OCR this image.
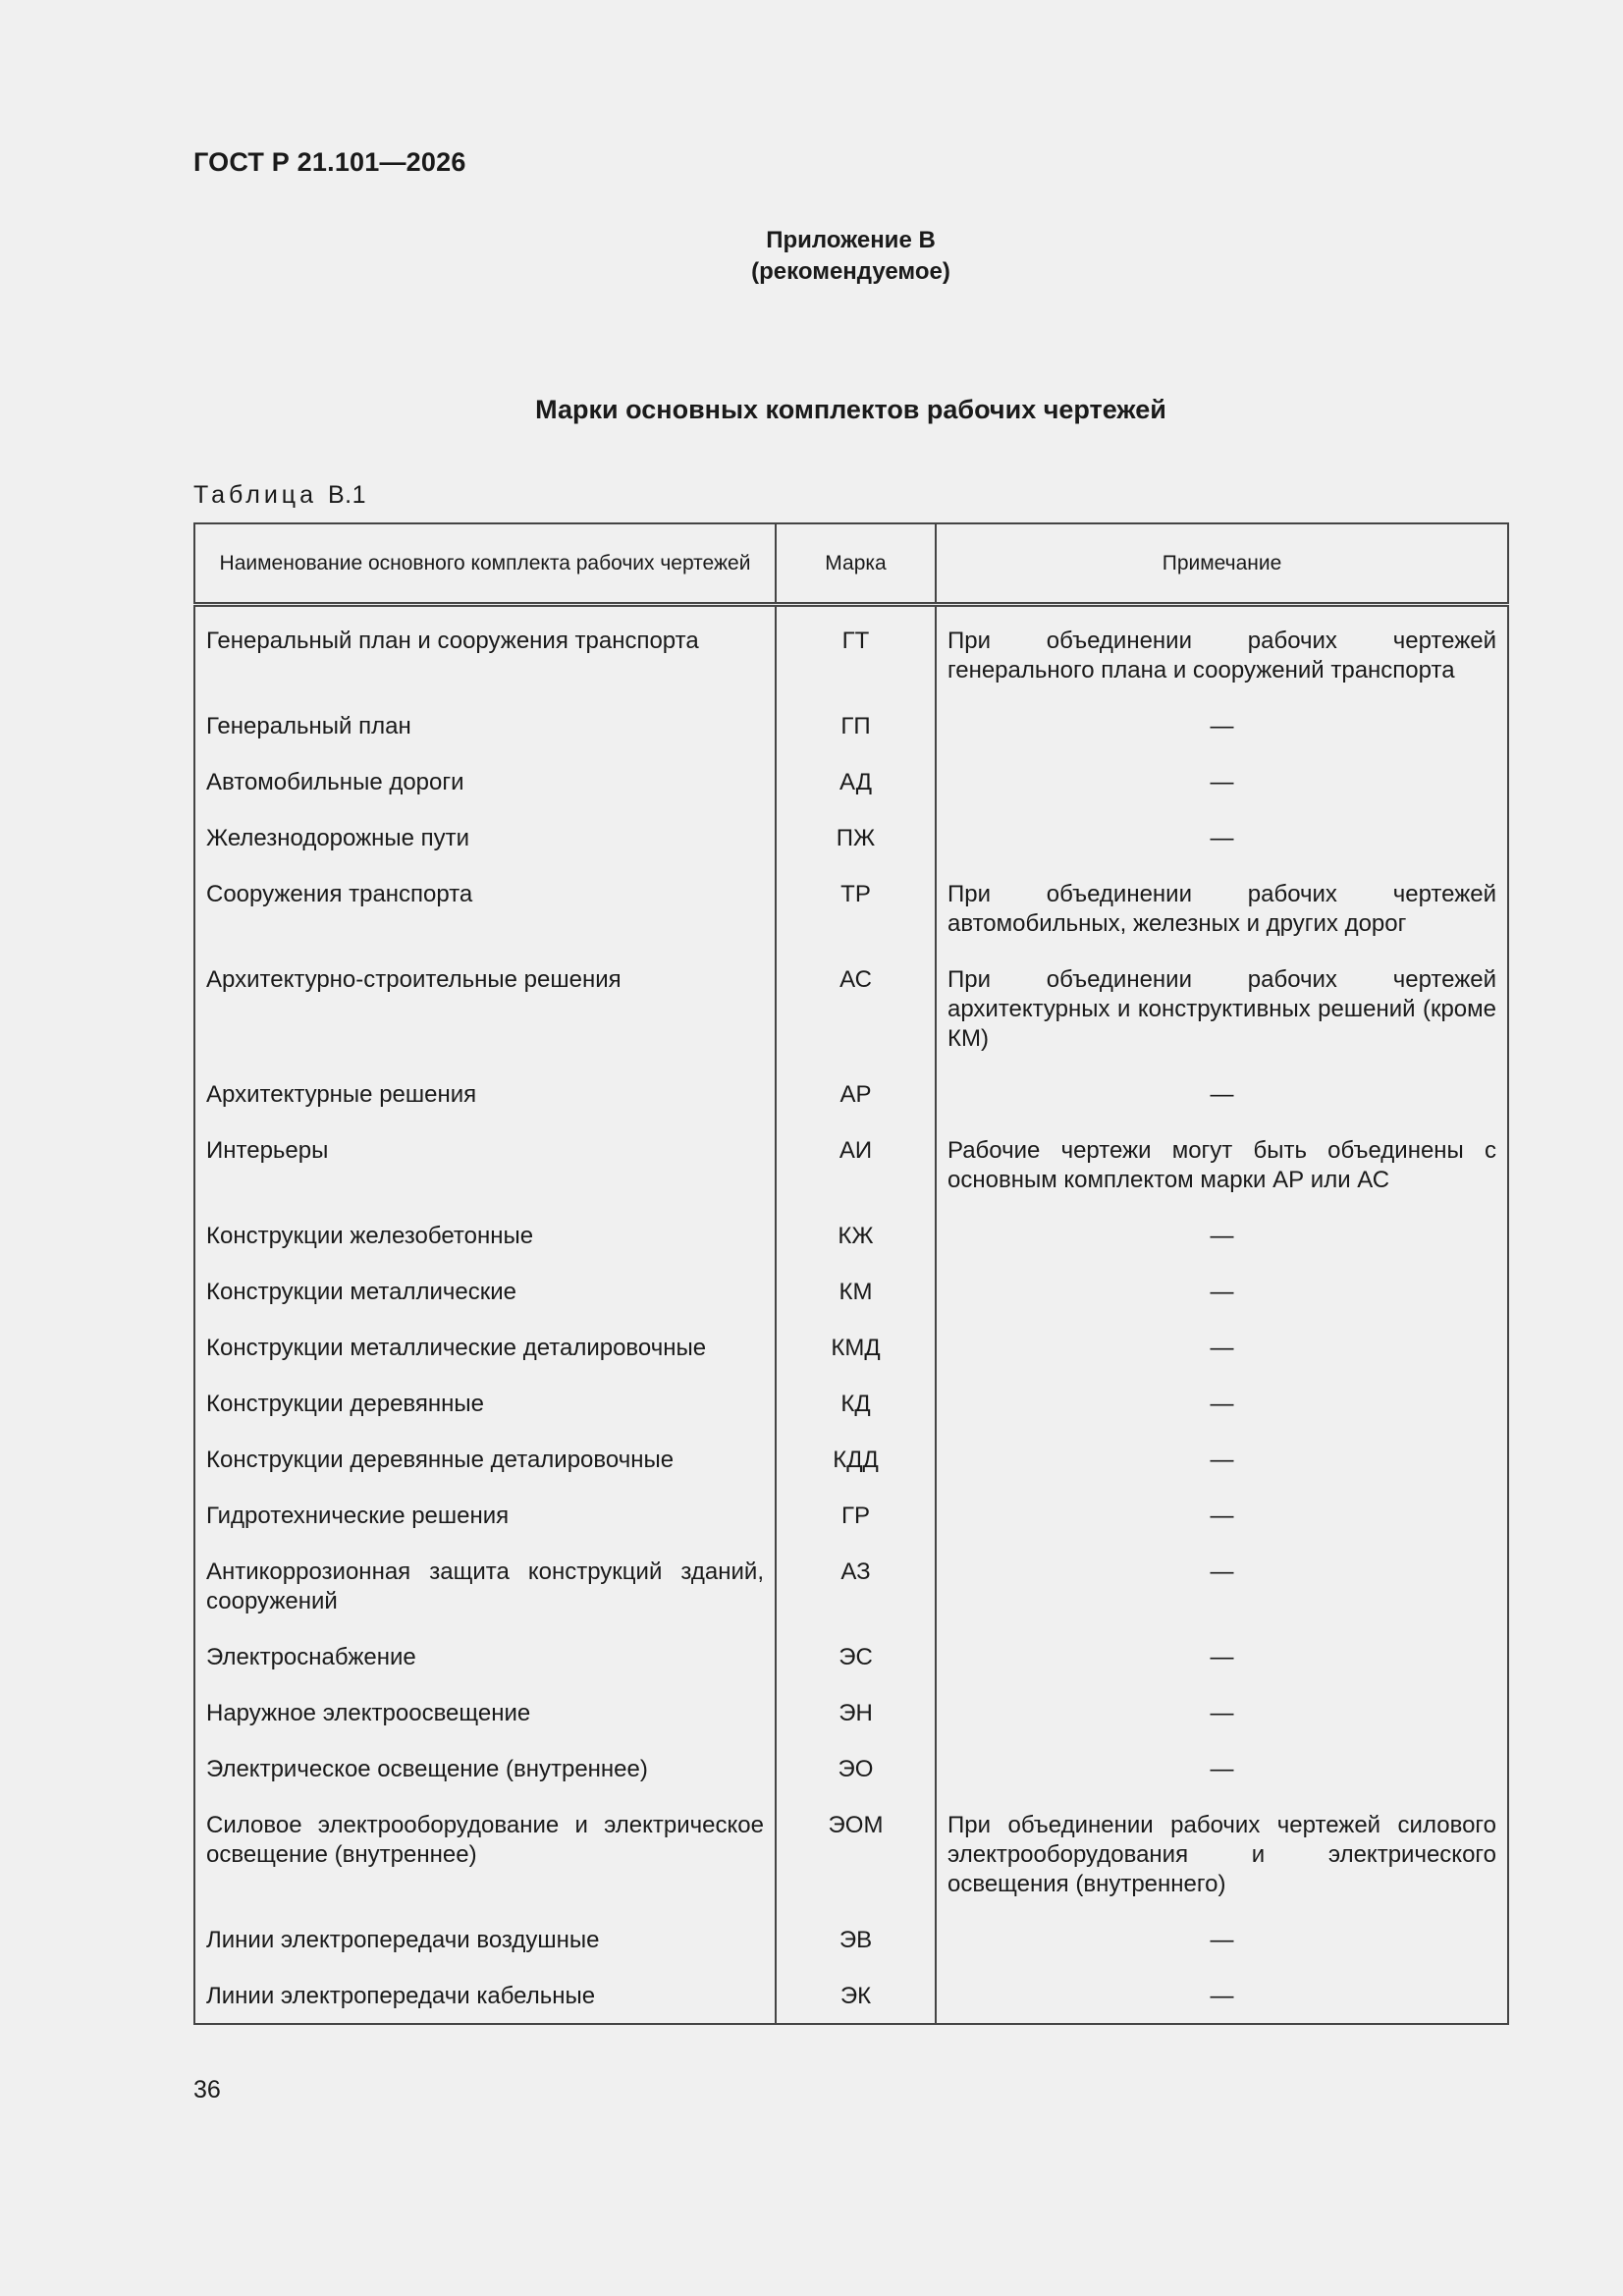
ГОСТ Р 21.101—2026
Приложение В
(рекомендуемое)
Марки основных комплектов рабочих чертежей
Таблица В.1
Наименование основного комплекта рабочих чертежей	Марка	Примечание
Генеральный план и сооружения транспорта	ГТ	При объединении рабочих чертежей генерального плана и сооружений транспорта
Генеральный план	ГП	—
Автомобильные дороги	АД	—
Железнодорожные пути	ПЖ	—
Сооружения транспорта	ТР	При объединении рабочих чертежей автомобильных, железных и других дорог
Архитектурно-строительные решения	АС	При объединении рабочих чертежей архитектурных и конструктивных решений (кроме КМ)
Архитектурные решения	АР	—
Интерьеры	АИ	Рабочие чертежи могут быть объединены с основным комплектом марки АР или АС
Конструкции железобетонные	КЖ	—
Конструкции металлические	КМ	—
Конструкции металлические деталировочные	КМД	—
Конструкции деревянные	КД	—
Конструкции деревянные деталировочные	КДД	—
Гидротехнические решения	ГР	—
Антикоррозионная защита конструкций зданий, сооружений	АЗ	—
Электроснабжение	ЭС	—
Наружное электроосвещение	ЭН	—
Электрическое освещение (внутреннее)	ЭО	—
Силовое электрооборудование и электрическое освещение (внутреннее)	ЭОМ	При объединении рабочих чертежей силового электрооборудования и электрического освещения (внутреннего)
Линии электропередачи воздушные	ЭВ	—
Линии электропередачи кабельные	ЭК	—
36
